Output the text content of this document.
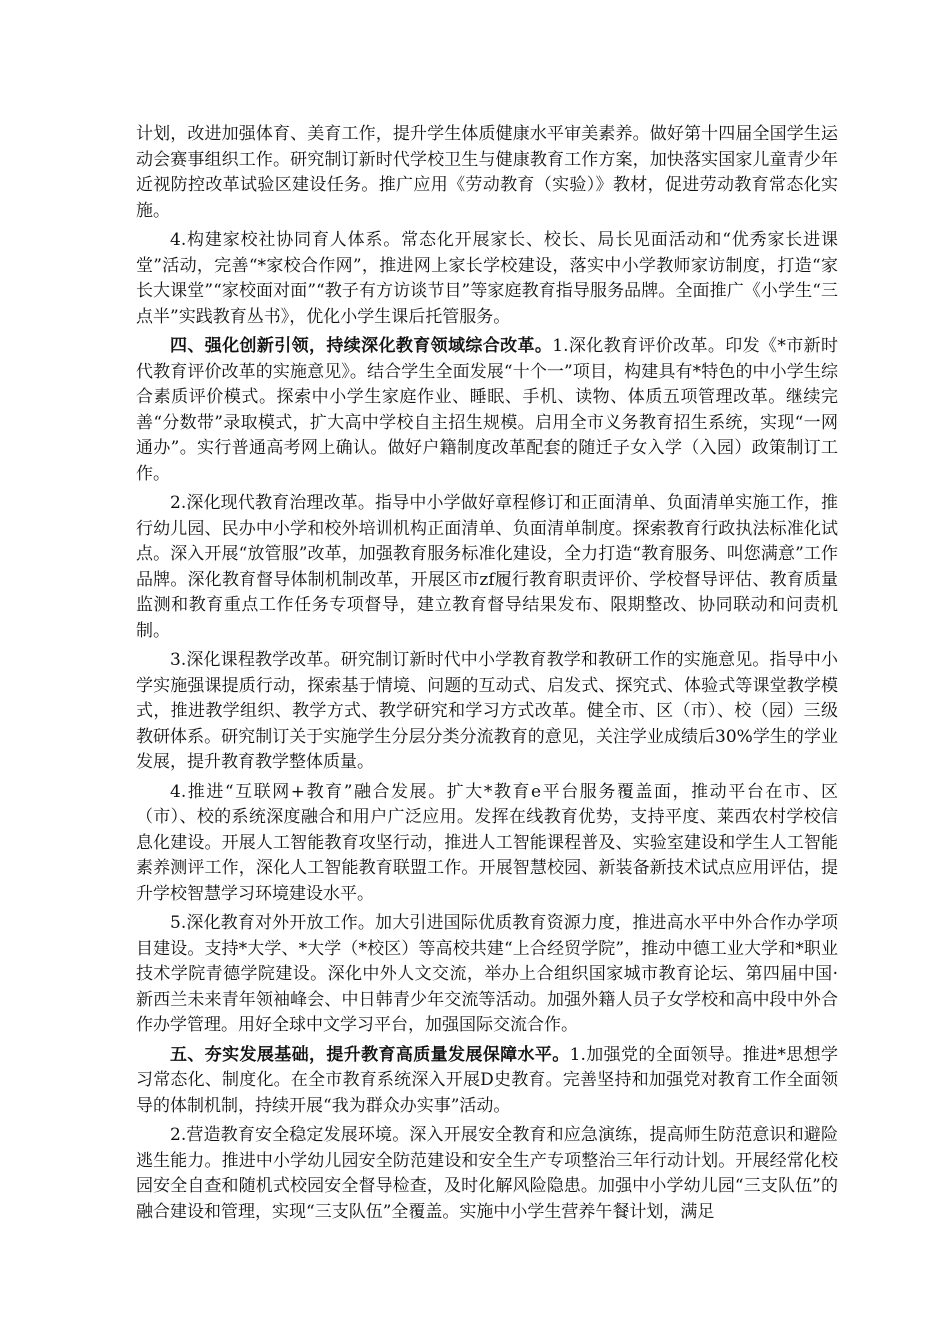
计划，改进加强体育、美育工作，提升学生体质健康水平审美素养。做好第十四届全国学生运动会赛事组织工作。研究制订新时代学校卫生与健康教育工作方案，加快落实国家儿童青少年近视防控改革试验区建设任务。推广应用《劳动教育（实验）》教材，促进劳动教育常态化实施。

4.构建家校社协同育人体系。常态化开展家长、校长、局长见面活动和“优秀家长进课堂”活动，完善“*家校合作网”，推进网上家长学校建设，落实中小学教师家访制度，打造“家长大课堂”“家校面对面”“教子有方访谈节目”等家庭教育指导服务品牌。全面推广《小学生“三点半”实践教育丛书》，优化小学生课后托管服务。

四、强化创新引领，持续深化教育领域综合改革。1.深化教育评价改革。印发《*市新时代教育评价改革的实施意见》。结合学生全面发展“十个一”项目，构建具有*特色的中小学生综合素质评价模式。探索中小学生家庭作业、睡眠、手机、读物、体质五项管理改革。继续完善“分数带”录取模式，扩大高中学校自主招生规模。启用全市义务教育招生系统，实现“一网通办”。实行普通高考网上确认。做好户籍制度改革配套的随迁子女入学（入园）政策制订工作。

2.深化现代教育治理改革。指导中小学做好章程修订和正面清单、负面清单实施工作，推行幼儿园、民办中小学和校外培训机构正面清单、负面清单制度。探索教育行政执法标准化试点。深入开展“放管服”改革，加强教育服务标准化建设，全力打造“教育服务、叫您满意”工作品牌。深化教育督导体制机制改革，开展区市zf履行教育职责评价、学校督导评估、教育质量监测和教育重点工作任务专项督导，建立教育督导结果发布、限期整改、协同联动和问责机制。

3.深化课程教学改革。研究制订新时代中小学教育教学和教研工作的实施意见。指导中小学实施强课提质行动，探索基于情境、问题的互动式、启发式、探究式、体验式等课堂教学模式，推进教学组织、教学方式、教学研究和学习方式改革。健全市、区（市）、校（园）三级教研体系。研究制订关于实施学生分层分类分流教育的意见，关注学业成绩后30%学生的学业发展，提升教育教学整体质量。

4.推进“互联网+教育”融合发展。扩大*教育e平台服务覆盖面，推动平台在市、区（市）、校的系统深度融合和用户广泛应用。发挥在线教育优势，支持平度、莱西农村学校信息化建设。开展人工智能教育攻坚行动，推进人工智能课程普及、实验室建设和学生人工智能素养测评工作，深化人工智能教育联盟工作。开展智慧校园、新装备新技术试点应用评估，提升学校智慧学习环境建设水平。

5.深化教育对外开放工作。加大引进国际优质教育资源力度，推进高水平中外合作办学项目建设。支持*大学、*大学（*校区）等高校共建“上合经贸学院”，推动中德工业大学和*职业技术学院青德学院建设。深化中外人文交流，举办上合组织国家城市教育论坛、第四届中国·新西兰未来青年领袖峰会、中日韩青少年交流等活动。加强外籍人员子女学校和高中段中外合作办学管理。用好全球中文学习平台，加强国际交流合作。

五、夯实发展基础，提升教育高质量发展保障水平。1.加强党的全面领导。推进*思想学习常态化、制度化。在全市教育系统深入开展D史教育。完善坚持和加强党对教育工作全面领导的体制机制，持续开展“我为群众办实事”活动。

2.营造教育安全稳定发展环境。深入开展安全教育和应急演练，提高师生防范意识和避险逃生能力。推进中小学幼儿园安全防范建设和安全生产专项整治三年行动计划。开展经常化校园安全自查和随机式校园安全督导检查，及时化解风险隐患。加强中小学幼儿园“三支队伍”的融合建设和管理，实现“三支队伍”全覆盖。实施中小学生营养午餐计划，满足
